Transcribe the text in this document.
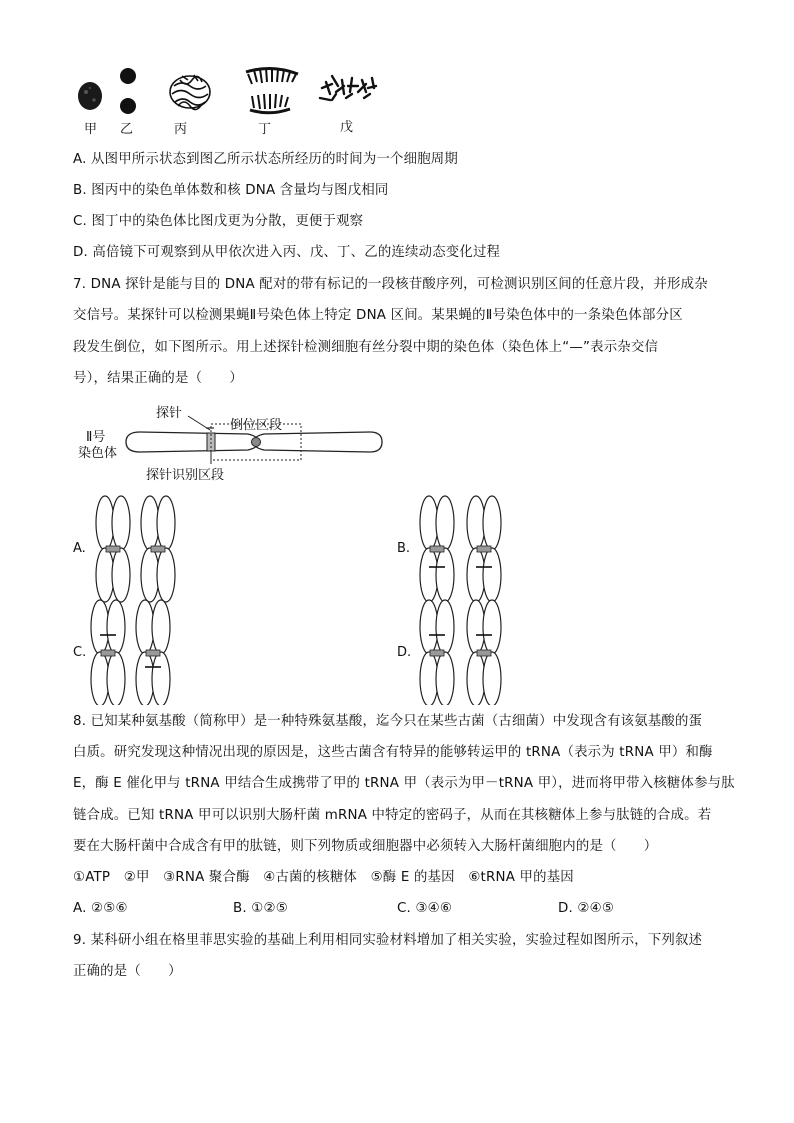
甲 乙	丙	丁	戊
A. 从图甲所示状态到图乙所示状态所经历的时间为一个细胞周期
B. 图丙中的染色单体数和核 DNA 含量均与图戊相同
C. 图丁中的染色体比图戊更为分散，更便于观察
D. 高倍镜下可观察到从甲依次进入丙、戊、丁、乙的连续动态变化过程
7. DNA 探针是能与目的 DNA 配对的带有标记的一段核苷酸序列，可检测识别区间的任意片段，并形成杂
交信号。某探针可以检测果蝇Ⅱ号染色体上特定 DNA 区间。某果蝇的Ⅱ号染色体中的一条染色体部分区
段发生倒位，如下图所示。用上述探针检测细胞有丝分裂中期的染色体（染色体上“—”表示杂交信
号），结果正确的是（　　）
探针
倒位区段
Ⅱ号
染色体
探针识别区段
A.	B.
C.	D.
8. 已知某种氨基酸（简称甲）是一种特殊氨基酸，迄今只在某些古菌（古细菌）中发现含有该氨基酸的蛋
白质。研究发现这种情况出现的原因是，这些古菌含有特异的能够转运甲的 tRNA（表示为 tRNA 甲）和酶
E，酶 E 催化甲与 tRNA 甲结合生成携带了甲的 tRNA 甲（表示为甲－tRNA 甲），进而将甲带入核糖体参与肽
链合成。已知 tRNA 甲可以识别大肠杆菌 mRNA 中特定的密码子，从而在其核糖体上参与肽链的合成。若
要在大肠杆菌中合成含有甲的肽链，则下列物质或细胞器中必须转入大肠杆菌细胞内的是（　　）
①ATP　②甲　③RNA 聚合酶　④古菌的核糖体　⑤酶 E 的基因　⑥tRNA 甲的基因
A. ②⑤⑥	B. ①②⑤	C. ③④⑥	D. ②④⑤
9. 某科研小组在格里菲思实验的基础上利用相同实验材料增加了相关实验，实验过程如图所示，下列叙述
正确的是（　　）
